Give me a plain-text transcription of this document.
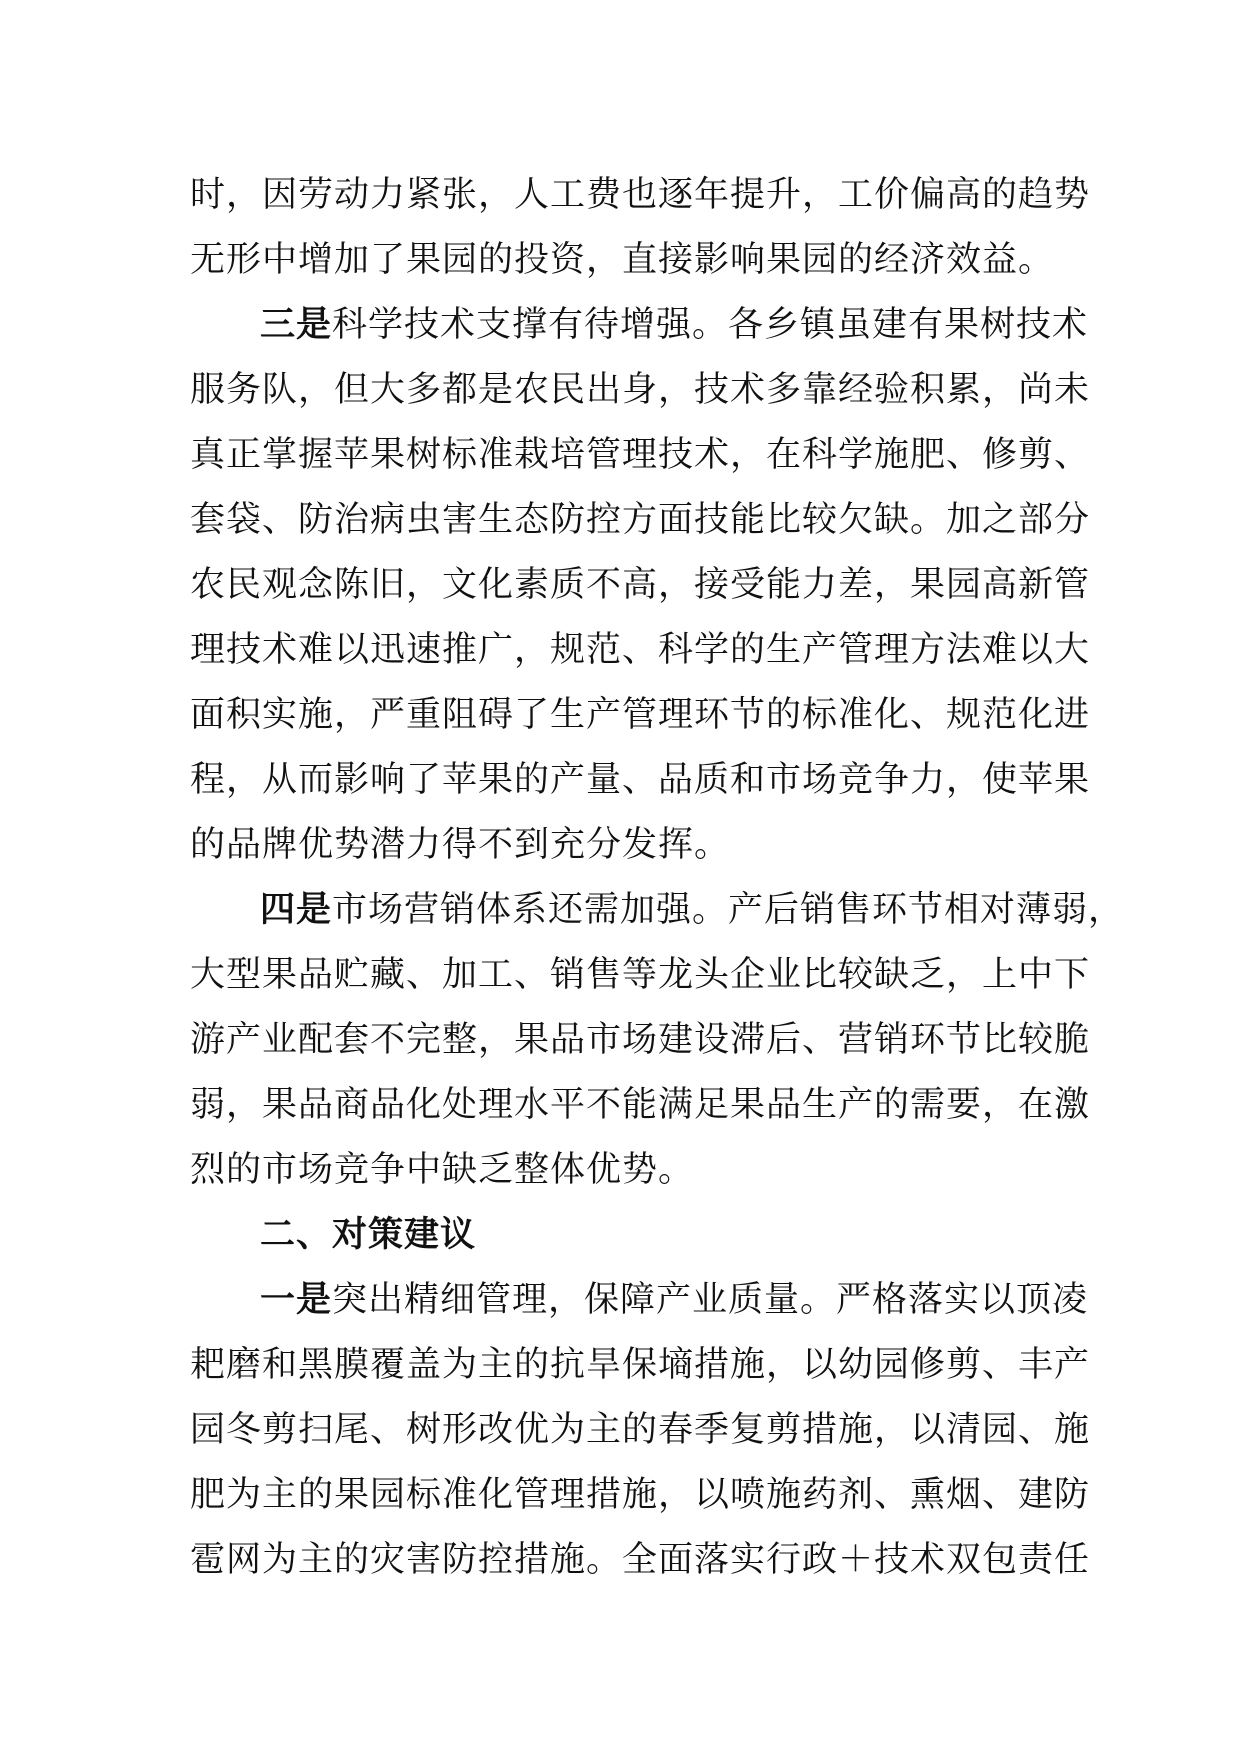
时，因劳动力紧张，人工费也逐年提升，工价偏高的趋势
无形中增加了果园的投资，直接影响果园的经济效益。
三是科学技术支撑有待增强。各乡镇虽建有果树技术
服务队，但大多都是农民出身，技术多靠经验积累，尚未
真正掌握苹果树标准栽培管理技术，在科学施肥、修剪、
套袋、防治病虫害生态防控方面技能比较欠缺。加之部分
农民观念陈旧，文化素质不高，接受能力差，果园高新管
理技术难以迅速推广，规范、科学的生产管理方法难以大
面积实施，严重阻碍了生产管理环节的标准化、规范化进
程，从而影响了苹果的产量、品质和市场竞争力，使苹果
的品牌优势潜力得不到充分发挥。
四是市场营销体系还需加强。产后销售环节相对薄弱，
大型果品贮藏、加工、销售等龙头企业比较缺乏，上中下
游产业配套不完整，果品市场建设滞后、营销环节比较脆
弱，果品商品化处理水平不能满足果品生产的需要，在激
烈的市场竞争中缺乏整体优势。
二、对策建议
一是突出精细管理，保障产业质量。严格落实以顶凌
耙磨和黑膜覆盖为主的抗旱保墒措施，以幼园修剪、丰产
园冬剪扫尾、树形改优为主的春季复剪措施，以清园、施
肥为主的果园标准化管理措施，以喷施药剂、熏烟、建防
雹网为主的灾害防控措施。全面落实行政＋技术双包责任
